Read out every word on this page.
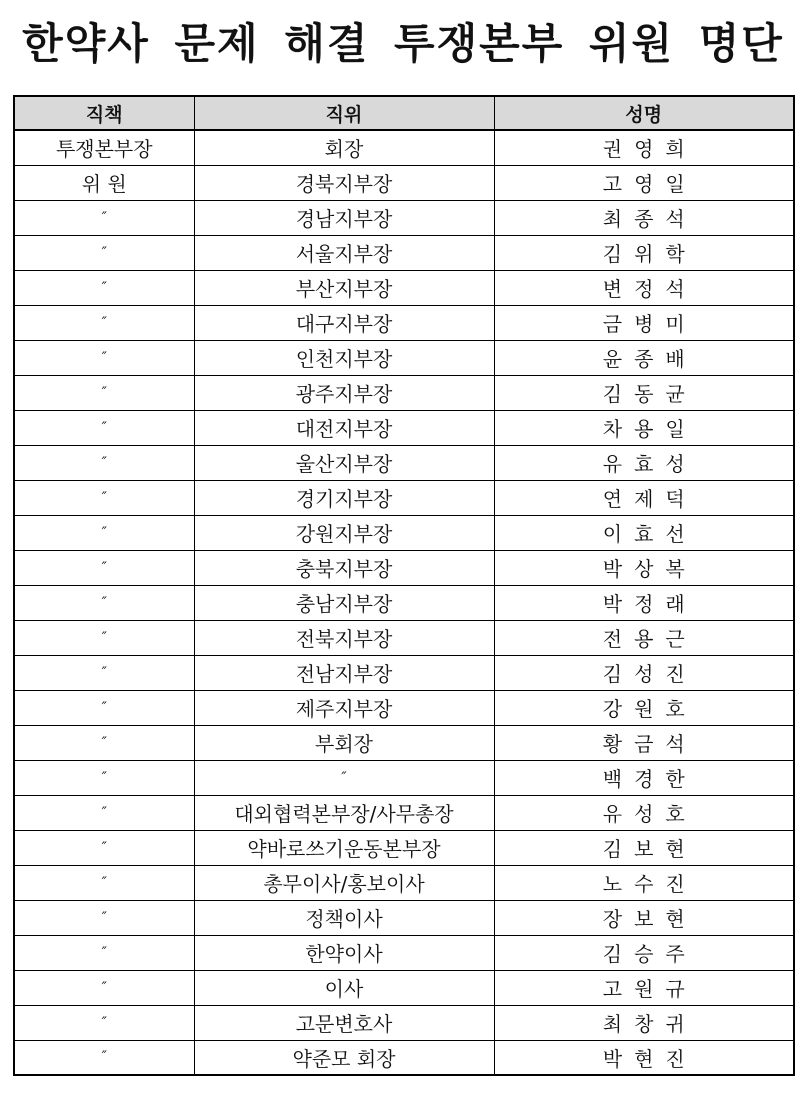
한약사 문제 해결 투쟁본부 위원 명단
직책	직위	성명
투쟁본부장	회장	권영희
위 원	경북지부장	고영일
″	경남지부장	최종석
″	서울지부장	김위학
″	부산지부장	변정석
″	대구지부장	금병미
″	인천지부장	윤종배
″	광주지부장	김동균
″	대전지부장	차용일
″	울산지부장	유효성
″	경기지부장	연제덕
″	강원지부장	이효선
″	충북지부장	박상복
″	충남지부장	박정래
″	전북지부장	전용근
″	전남지부장	김성진
″	제주지부장	강원호
″	부회장	황금석
″	″	백경한
″	대외협력본부장/사무총장	유성호
″	약바로쓰기운동본부장	김보현
″	총무이사/홍보이사	노수진
″	정책이사	장보현
″	한약이사	김승주
″	이사	고원규
″	고문변호사	최창귀
″	약준모 회장	박현진
